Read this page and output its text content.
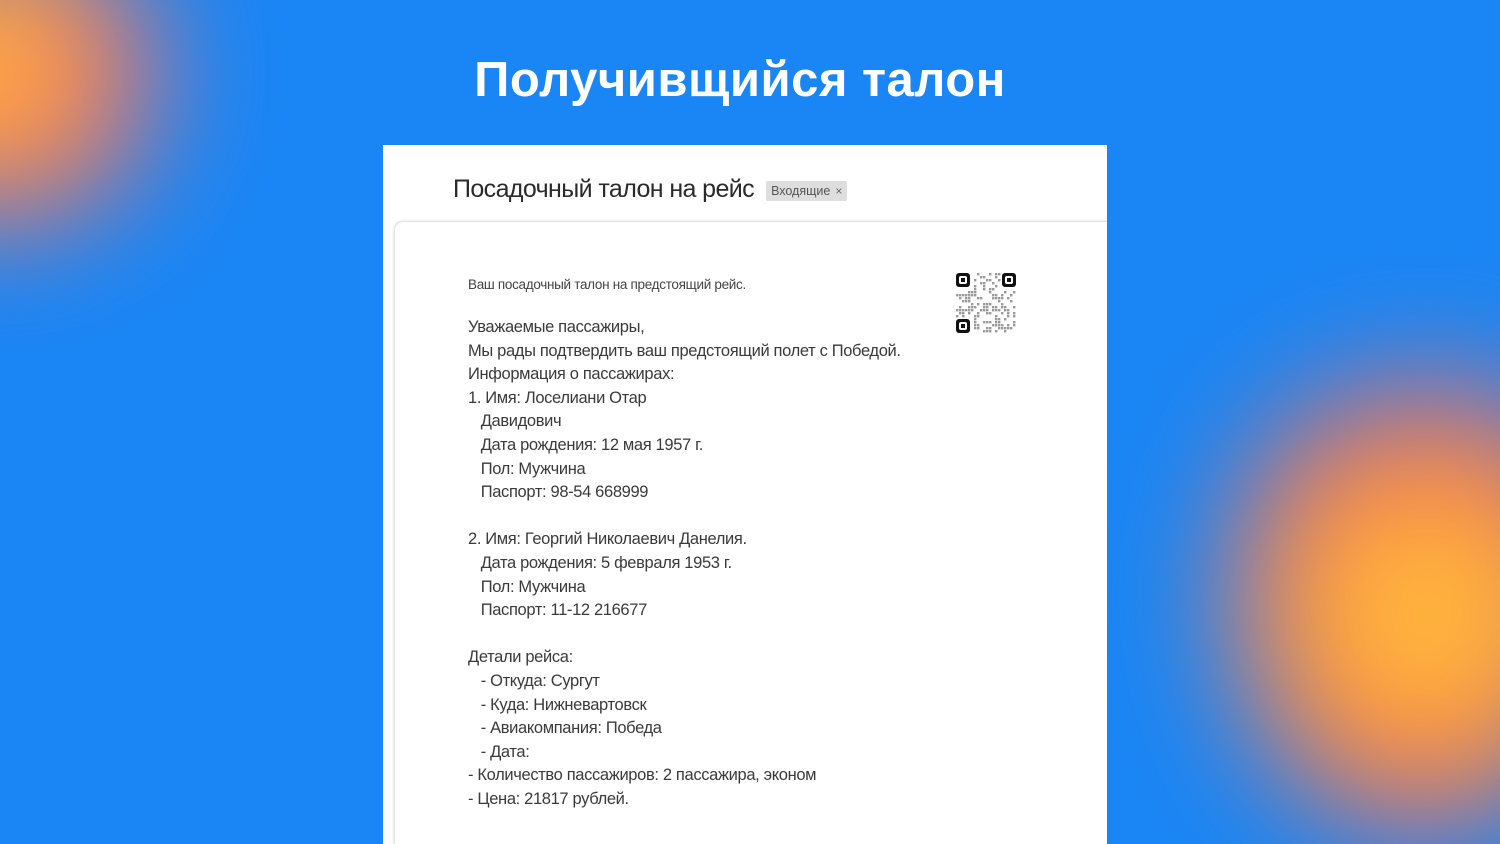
Получивщийся талон
Посадочный талон на рейс Входящие ×
Ваш посадочный талон на предстоящий рейс.
Уважаемые пассажиры,
Мы рады подтвердить ваш предстоящий полет с Победой.
Информация о пассажирах:
1. Имя: Лоселиани Отар
Давидович
Дата рождения: 12 мая 1957 г.
Пол: Мужчина
Паспорт: 98-54 668999
2. Имя: Георгий Николаевич Данелия.
Дата рождения: 5 февраля 1953 г.
Пол: Мужчина
Паспорт: 11-12 216677
Детали рейса:
- Откуда: Сургут
- Куда: Нижневартовск
- Авиакомпания: Победа
- Дата:
- Количество пассажиров: 2 пассажира, эконом
- Цена: 21817 рублей.
